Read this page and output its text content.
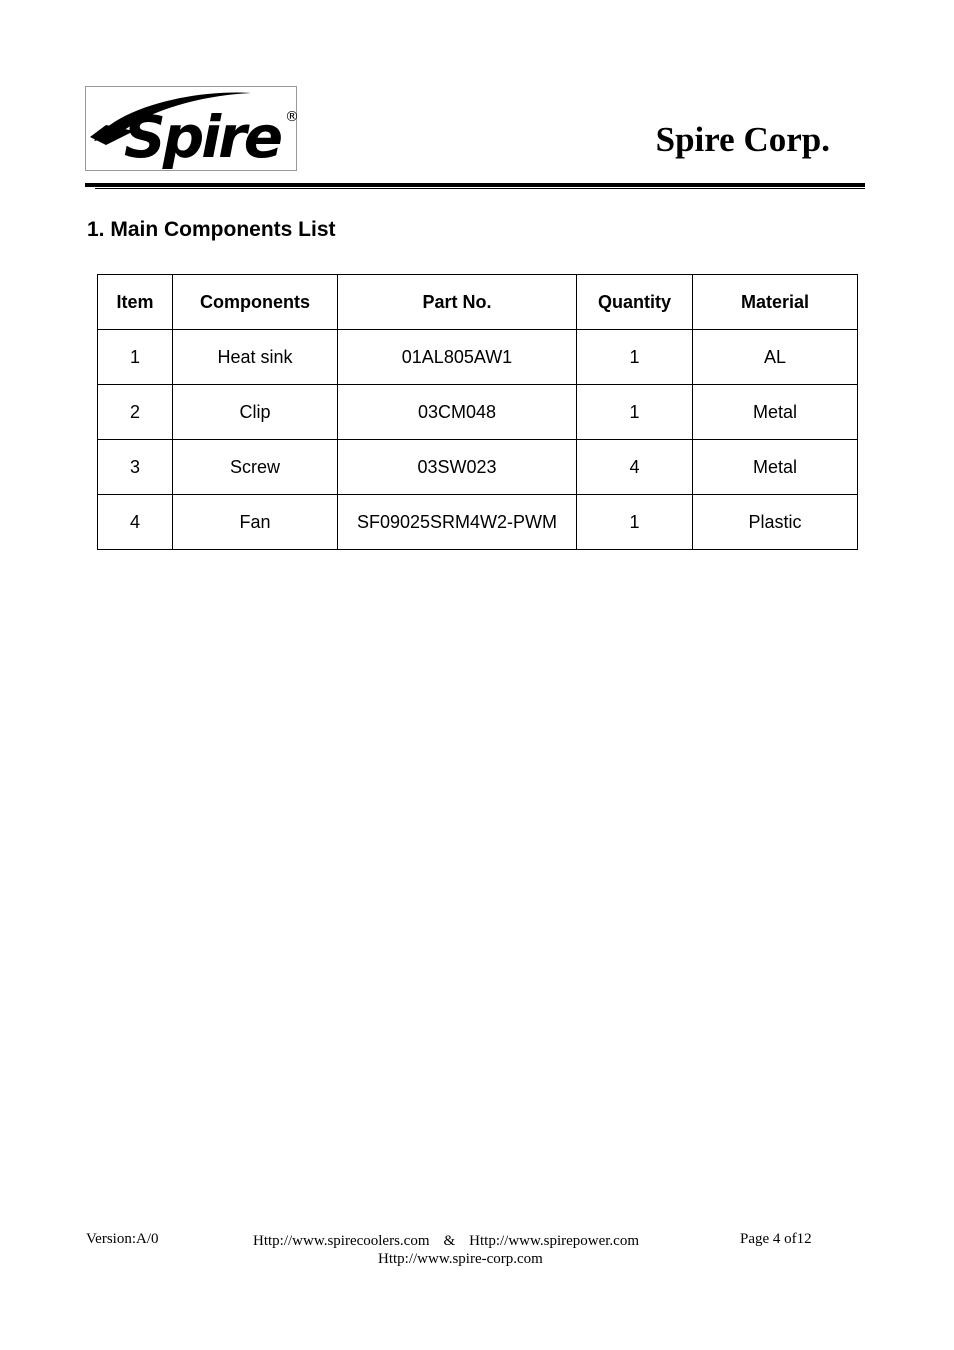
Spire ®
Spire Corp.
1. Main Components List
Item	Components	Part No.	Quantity	Material
1	Heat sink	01AL805AW1	1	AL
2	Clip	03CM048	1	Metal
3	Screw	03SW023	4	Metal
4	Fan	SF09025SRM4W2-PWM	1	Plastic
Version:A/0	Http://www.spirecoolers.com & Http://www.spirepower.com
Http://www.spire-corp.com
Page 4 of12
